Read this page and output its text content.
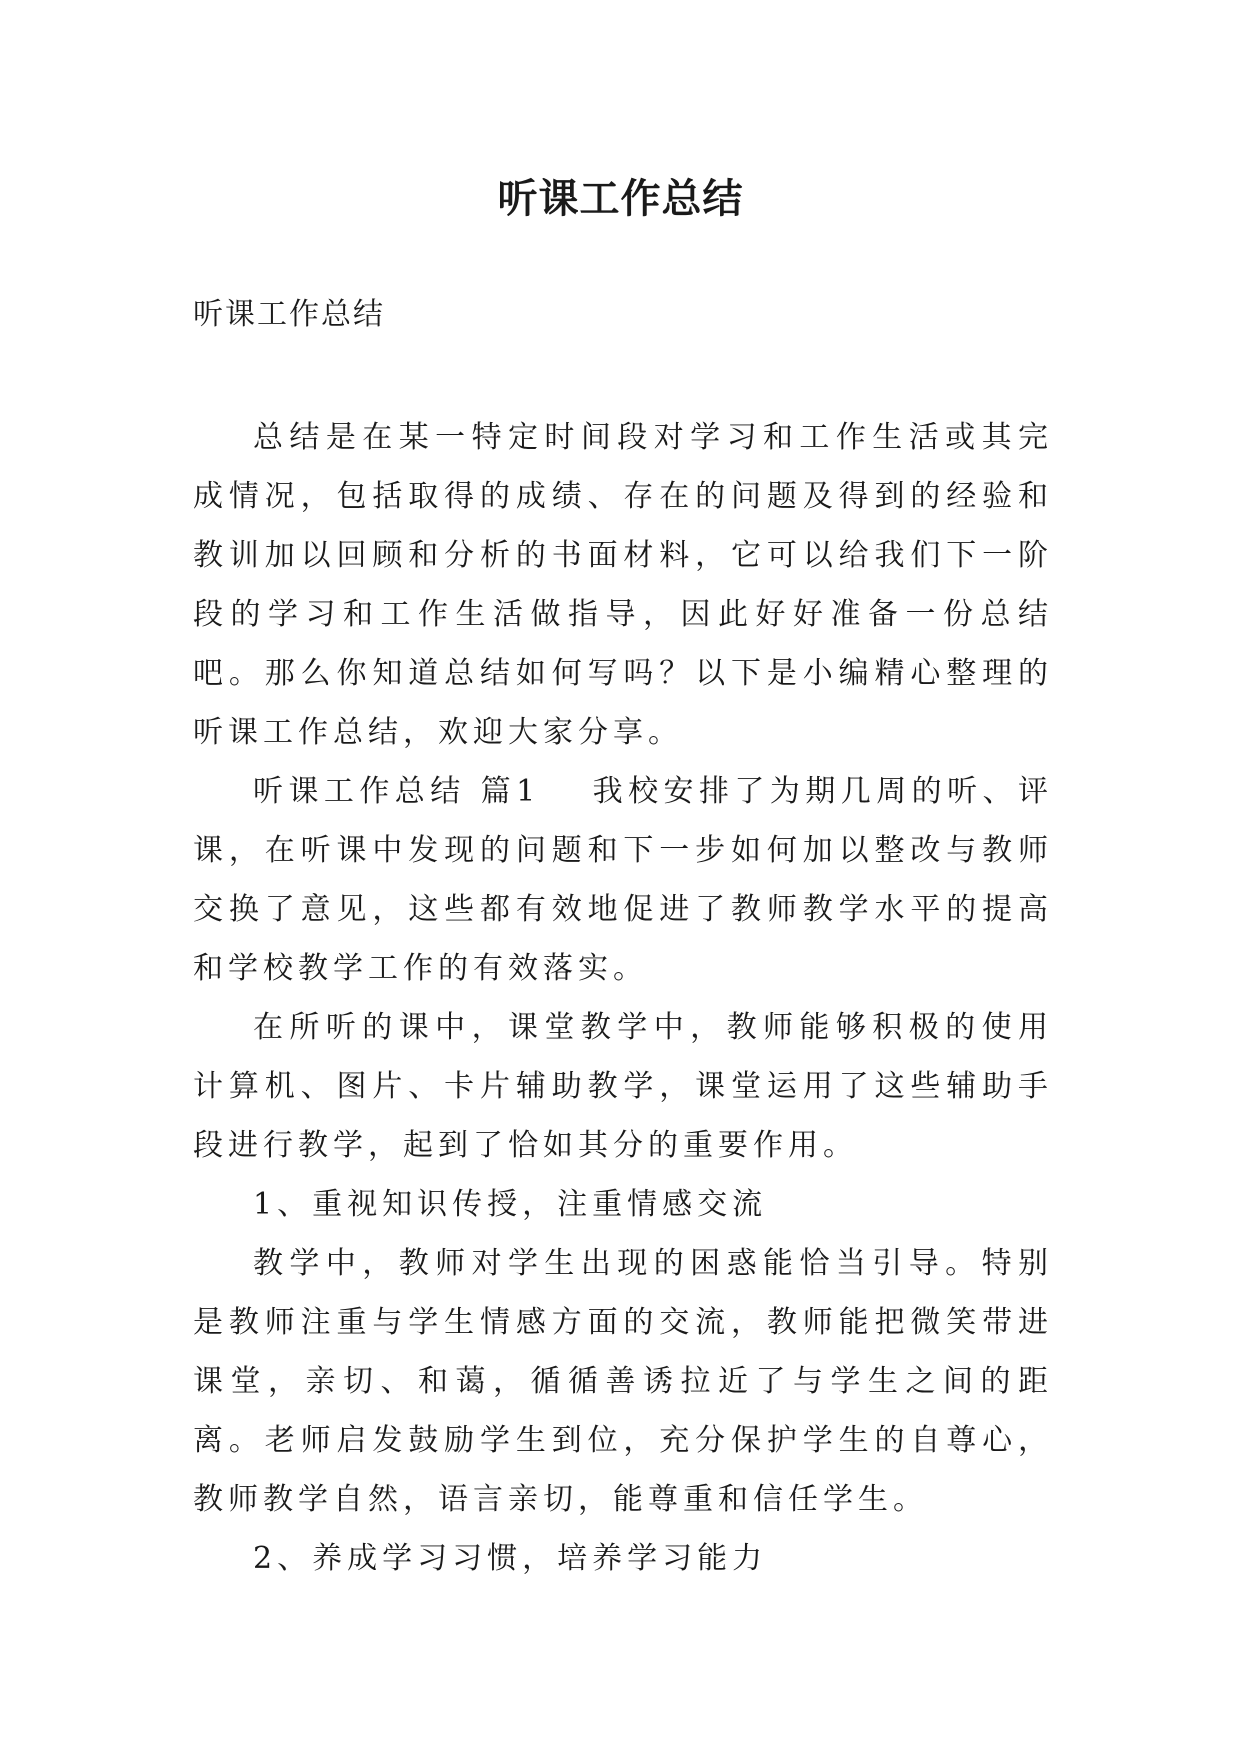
听课工作总结
听课工作总结

总结是在某一特定时间段对学习和工作生活或其完成情况，包括取得的成绩、存在的问题及得到的经验和教训加以回顾和分析的书面材料，它可以给我们下一阶段的学习和工作生活做指导，因此好好准备一份总结吧。那么你知道总结如何写吗？以下是小编精心整理的听课工作总结，欢迎大家分享。

听课工作总结 篇1 我校安排了为期几周的听、评课，在听课中发现的问题和下一步如何加以整改与教师交换了意见，这些都有效地促进了教师教学水平的提高和学校教学工作的有效落实。

在所听的课中，课堂教学中，教师能够积极的使用计算机、图片、卡片辅助教学，课堂运用了这些辅助手段进行教学，起到了恰如其分的重要作用。

1、重视知识传授，注重情感交流

教学中，教师对学生出现的困惑能恰当引导。特别是教师注重与学生情感方面的交流，教师能把微笑带进课堂，亲切、和蔼，循循善诱拉近了与学生之间的距离。老师启发鼓励学生到位，充分保护学生的自尊心，教师教学自然，语言亲切，能尊重和信任学生。

2、养成学习习惯，培养学习能力
